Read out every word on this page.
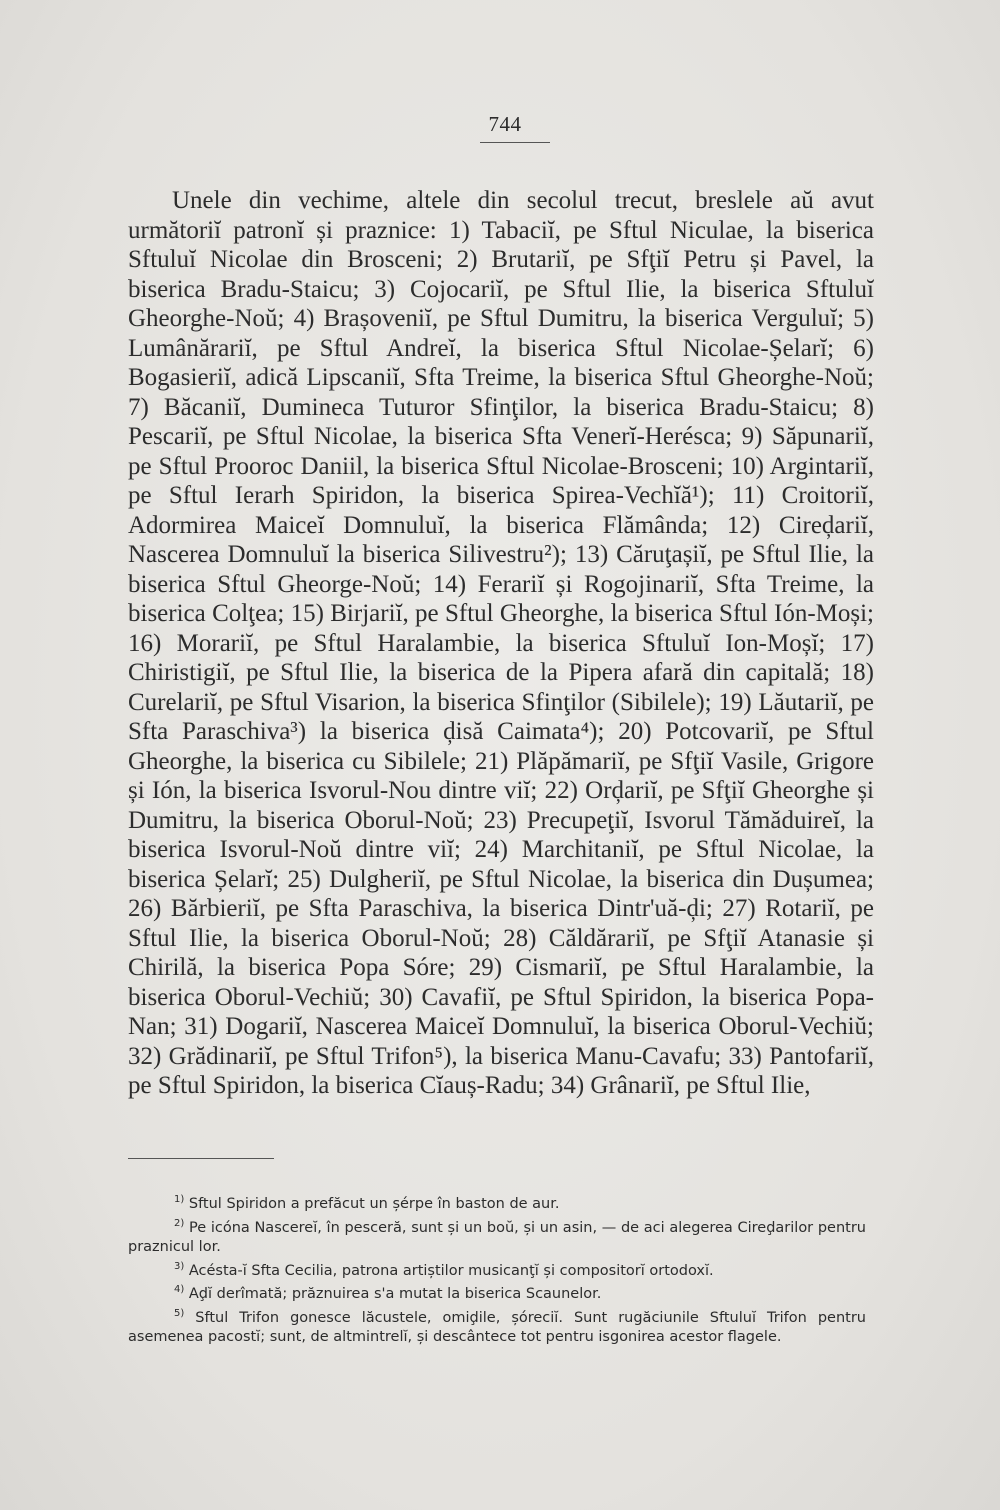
744

Unele din vechime, altele din secolul trecut, breslele aŭ avut următoriĭ patronĭ și praznice: 1) Tabaciĭ, pe Sftul Niculae, la biserica Sftuluĭ Nicolae din Brosceni; 2) Brutariĭ, pe Sfţiĭ Petru și Pavel, la biserica Bradu-Staicu; 3) Cojocariĭ, pe Sftul Ilie, la biserica Sftuluĭ Gheorghe-Noŭ; 4) Brașoveniĭ, pe Sftul Dumitru, la biserica Verguluĭ; 5) Lumânărariĭ, pe Sftul Andreĭ, la biserica Sftul Nicolae-Șelarĭ; 6) Bogasieriĭ, adică Lipscaniĭ, Sfta Treime, la biserica Sftul Gheorghe-Noŭ; 7) Băcaniĭ, Dumineca Tuturor Sfinţilor, la biserica Bradu-Staicu; 8) Pescariĭ, pe Sftul Nicolae, la biserica Sfta Venerĭ-Herésca; 9) Săpunariĭ, pe Sftul Prooroc Daniil, la biserica Sftul Nicolae-Brosceni; 10) Argintariĭ, pe Sftul Ierarh Spiridon, la biserica Spirea-Vechĭă¹); 11) Croitoriĭ, Adormirea Maiceĭ Domnuluĭ, la biserica Flămânda; 12) Cireḑariĭ, Nascerea Domnuluĭ la biserica Silivestru²); 13) Căruţașiĭ, pe Sftul Ilie, la biserica Sftul Gheorge-Noŭ; 14) Ferariĭ și Rogojinariĭ, Sfta Treime, la biserica Colţea; 15) Birjariĭ, pe Sftul Gheorghe, la biserica Sftul Ión-Moși; 16) Morariĭ, pe Sftul Haralambie, la biserica Sftuluĭ Ion-Moșĭ; 17) Chiristigiĭ, pe Sftul Ilie, la biserica de la Pipera afară din capitală; 18) Curelariĭ, pe Sftul Visarion, la biserica Sfinţilor (Sibilele); 19) Lăutariĭ, pe Sfta Paraschiva³) la biserica ḑisă Caimata⁴); 20) Potcovariĭ, pe Sftul Gheorghe, la biserica cu Sibilele; 21) Plăpămariĭ, pe Sfţiĭ Vasile, Grigore și Ión, la biserica Isvorul-Nou dintre viĭ; 22) Orḑariĭ, pe Sfţiĭ Gheorghe și Dumitru, la biserica Oborul-Noŭ; 23) Precupeţiĭ, Isvorul Tămăduireĭ, la biserica Isvorul-Noŭ dintre viĭ; 24) Marchitaniĭ, pe Sftul Nicolae, la biserica Șelarĭ; 25) Dulgheriĭ, pe Sftul Nicolae, la biserica din Dușumea; 26) Bărbieriĭ, pe Sfta Paraschiva, la biserica Dintr'uă-ḑi; 27) Rotariĭ, pe Sftul Ilie, la biserica Oborul-Noŭ; 28) Căldărariĭ, pe Sfţiĭ Atanasie și Chirilă, la biserica Popa Sóre; 29) Cismariĭ, pe Sftul Haralambie, la biserica Oborul-Vechiŭ; 30) Cavafiĭ, pe Sftul Spiridon, la biserica Popa-Nan; 31) Dogariĭ, Nascerea Maiceĭ Domnuluĭ, la biserica Oborul-Vechiŭ; 32) Grădinariĭ, pe Sftul Trifon⁵), la biserica Manu-Cavafu; 33) Pantofariĭ, pe Sftul Spiridon, la biserica Cĭauș-Radu; 34) Grânariĭ, pe Sftul Ilie,

$^{1)}$ Sftul Spiridon a prefăcut un șérpe în baston de aur.

$^{2)}$ Pe icóna Nascereĭ, în pesceră, sunt și un boŭ, și un asin, — de aci alegerea Cireḑarilor pentru praznicul lor.

$^{3)}$ Acésta-ĭ Sfta Cecilia, patrona artiștilor musicanţĭ și compositorĭ ortodoxĭ.

$^{4)}$ Aḑĭ derîmată; prăznuirea s'a mutat la biserica Scaunelor.

$^{5)}$ Sftul Trifon gonesce lăcustele, omiḑile, șóreciĭ. Sunt rugăciunile Sftuluĭ Trifon pentru asemenea pacostĭ; sunt, de altmintrelĭ, și descântece tot pentru isgonirea acestor flagele.
